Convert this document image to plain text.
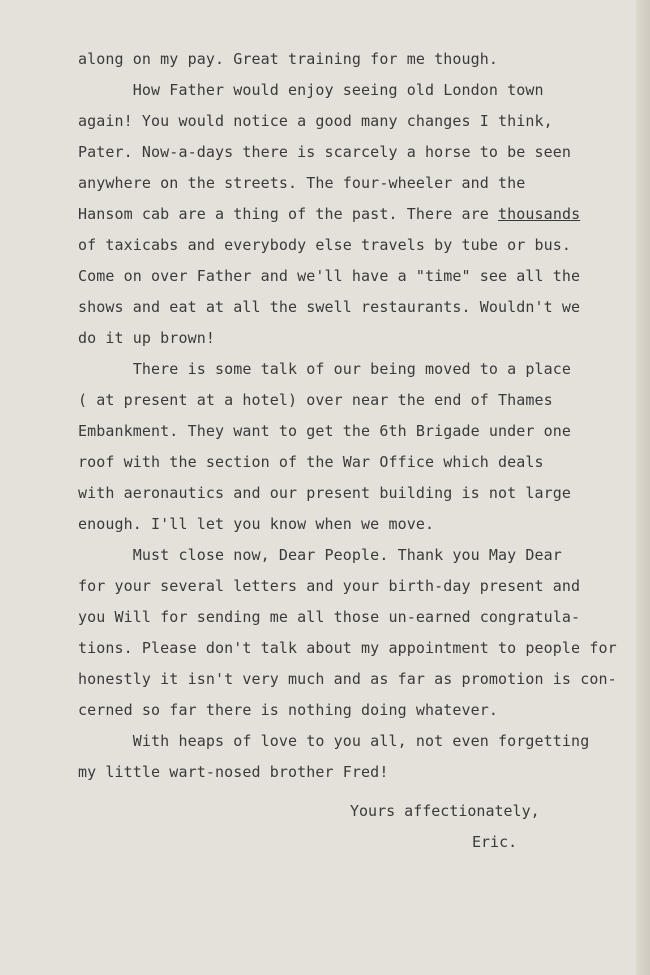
along on my pay. Great training for me though.
How Father would enjoy seeing old London town
again! You would notice a good many changes I think,
Pater. Now-a-days there is scarcely a horse to be seen
anywhere on the streets. The four-wheeler and the
Hansom cab are a thing of the past. There are thousands
of taxicabs and everybody else travels by tube or bus.
Come on over Father and we'll have a "time" see all the
shows and eat at all the swell restaurants. Wouldn't we
do it up brown!
There is some talk of our being moved to a place
( at present at a hotel) over near the end of Thames
Embankment. They want to get the 6th Brigade under one
roof with the section of the War Office which deals
with aeronautics and our present building is not large
enough. I'll let you know when we move.
Must close now, Dear People. Thank you May Dear
for your several letters and your birth-day present and
you Will for sending me all those un-earned congratula-
tions. Please don't talk about my appointment to people for
honestly it isn't very much and as far as promotion is con-
cerned so far there is nothing doing whatever.
With heaps of love to you all, not even forgetting
my little wart-nosed brother Fred!
Yours affectionately,
Eric.
